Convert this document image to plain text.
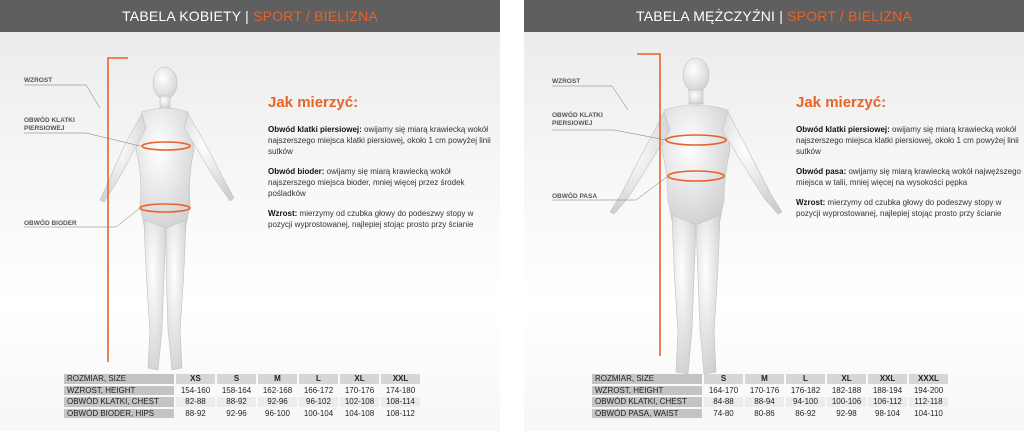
TABELA KOBIETY | SPORT / BIELIZNA
WZROST
OBWÓD KLATKI
PIERSIOWEJ
OBWÓD BIODER
Jak mierzyć:

Obwód klatki piersiowej: owijamy się miarą krawiecką wokół najszerszego miejsca klatki piersiowej, około 1 cm powyżej linii sutków

Obwód bioder: owijamy się miarą krawiecką wokół najszerszego miejsca bioder, mniej więcej przez środek pośladków

Wzrost: mierzymy od czubka głowy do podeszwy stopy w pozycji wyprostowanej, najlepiej stojąc prosto przy ścianie

ROZMIAR, SIZE	XS	S	M	L	XL	XXL
WZROST, HEIGHT	154-160	158-164	162-168	166-172	170-176	174-180
OBWÓD KLATKI, CHEST	82-88	88-92	92-96	96-102	102-108	108-114
OBWÓD BIODER, HIPS	88-92	92-96	96-100	100-104	104-108	108-112
TABELA MĘŻCZYŹNI | SPORT / BIELIZNA
WZROST
OBWÓD KLATKI
PIERSIOWEJ
OBWÓD PASA
Jak mierzyć:

Obwód klatki piersiowej: owijamy się miarą krawiecką wokół najszerszego miejsca klatki piersiowej, około 1 cm powyżej linii sutków

Obwód pasa: owijamy się miarą krawiecką wokół najwęższego miejsca w talii, mniej więcej na wysokości pępka

Wzrost: mierzymy od czubka głowy do podeszwy stopy w pozycji wyprostowanej, najlepiej stojąc prosto przy ścianie

ROZMIAR, SIZE	S	M	L	XL	XXL	XXXL
WZROST, HEIGHT	164-170	170-176	176-182	182-188	188-194	194-200
OBWÓD KLATKI, CHEST	84-88	88-94	94-100	100-106	106-112	112-118
OBWÓD PASA, WAIST	74-80	80-86	86-92	92-98	98-104	104-110
